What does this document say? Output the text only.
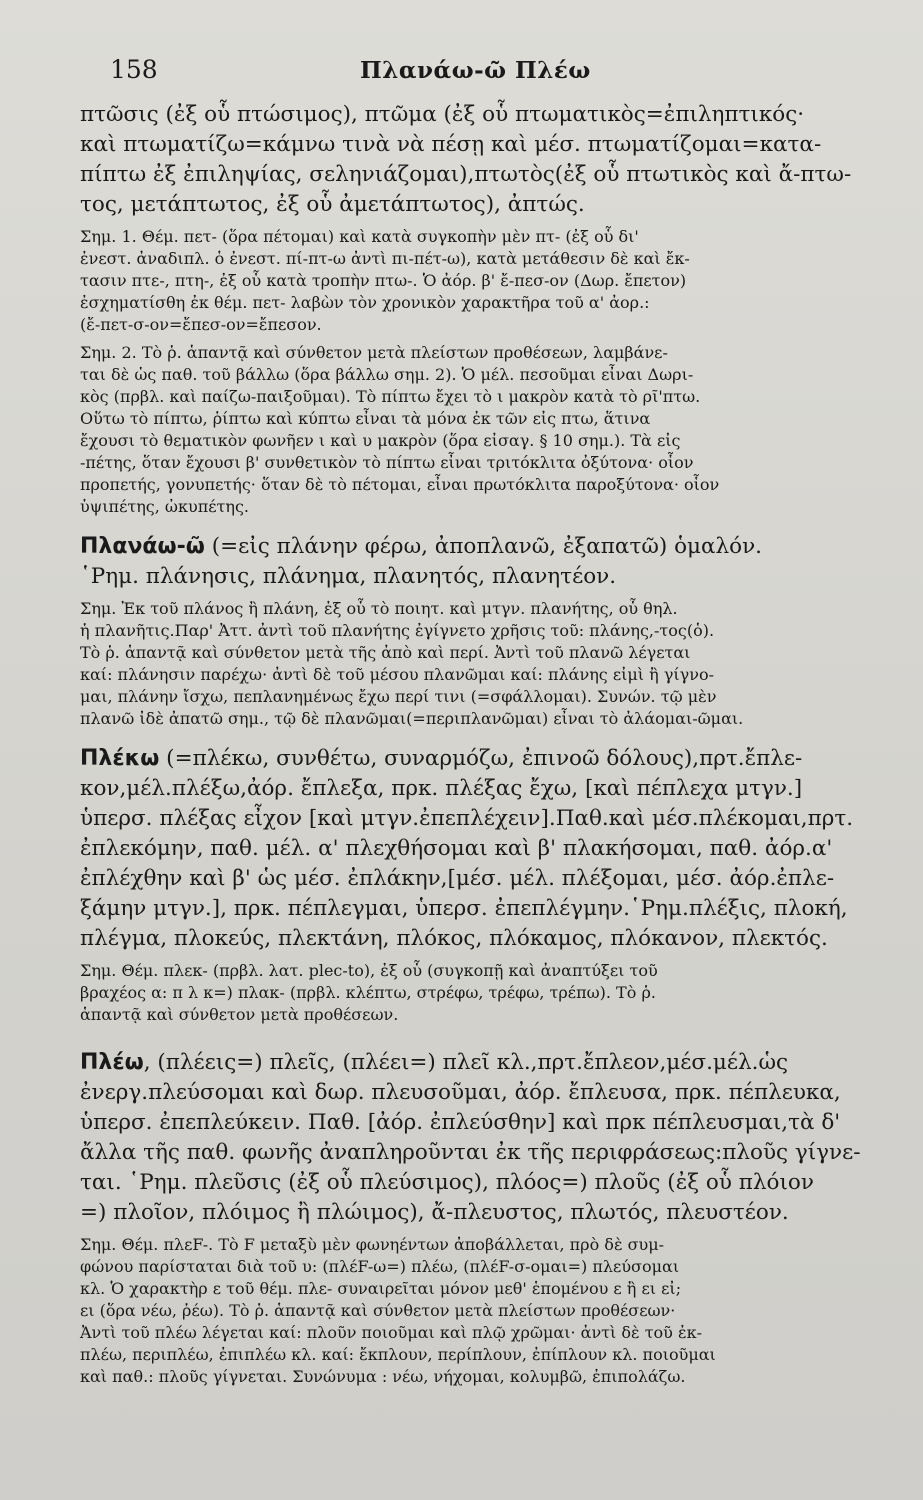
158	Πλανάω-ῶ Πλέω

πτῶσις (ἐξ οὗ πτώσιμος), πτῶμα (ἐξ οὗ πτωματικὸς=ἐπιληπτικός·

καὶ πτωματίζω=κάμνω τινὰ νὰ πέσῃ καὶ μέσ. πτωματίζομαι=κατα-

πίπτω ἐξ ἐπιληψίας, σεληνιάζομαι),πτωτὸς(ἐξ οὗ πτωτικὸς καὶ ἄ-πτω-

τος, μετάπτωτος, ἐξ οὗ ἀμετάπτωτος), ἀπτώς.

Σημ. 1. Θέμ. πετ- (ὅρα πέτομαι) καὶ κατὰ συγκοπὴν μὲν πτ- (ἐξ οὗ δι'

ἐνεστ. ἀναδιπλ. ὁ ἐνεστ. πί-πτ-ω ἀντὶ πι-πέτ-ω), κατὰ μετάθεσιν δὲ καὶ ἔκ-

τασιν πτε-, πτη-, ἐξ οὗ κατὰ τροπὴν πτω-. Ὁ ἀόρ. β' ἔ-πεσ-ον (Δωρ. ἔπετον)

ἐσχηματίσθη ἐκ θέμ. πετ- λαβὼν τὸν χρονικὸν χαρακτῆρα τοῦ α' ἀορ.:

(ἔ-πετ-σ-ον=ἔπεσ-ον=ἔπεσον.

Σημ. 2. Τὸ ῥ. ἁπαντᾷ καὶ σύνθετον μετὰ πλείστων προθέσεων, λαμβάνε-

ται δὲ ὡς παθ. τοῦ βάλλω (ὅρα βάλλω σημ. 2). Ὁ μέλ. πεσοῦμαι εἶναι Δωρι-

κὸς (πρβλ. καὶ παίζω-παιξοῦμαι). Τὸ πίπτω ἔχει τὸ ι μακρὸν κατὰ τὸ ρῖ'πτω.

Οὕτω τὸ πίπτω, ῥίπτω καὶ κύπτω εἶναι τὰ μόνα ἐκ τῶν εἰς πτω, ἅτινα

ἔχουσι τὸ θεματικὸν φωνῆεν ι καὶ υ μακρὸν (ὅρα εἰσαγ. § 10 σημ.). Τὰ εἰς

-πέτης, ὅταν ἔχουσι β' συνθετικὸν τὸ πίπτω εἶναι τριτόκλιτα ὀξύτονα· οἷον

προπετής, γονυπετής· ὅταν δὲ τὸ πέτομαι, εἶναι πρωτόκλιτα παροξύτονα· οἷον

ὑψιπέτης, ὠκυπέτης.

Πλανάω-ῶ (=εἰς πλάνην φέρω, ἀποπλανῶ, ἐξαπατῶ) ὁμαλόν.

῾Ρημ. πλάνησις, πλάνημα, πλανητός, πλανητέον.

Σημ. Ἐκ τοῦ πλάνος ἢ πλάνη, ἐξ οὗ τὸ ποιητ. καὶ μτγν. πλανήτης, οὗ θηλ.

ἡ πλανῆτις.Παρ' Ἀττ. ἀντὶ τοῦ πλανήτης ἐγίγνετο χρῆσις τοῦ: πλάνης,-τος(ὁ).

Τὸ ῥ. ἁπαντᾷ καὶ σύνθετον μετὰ τῆς ἀπὸ καὶ περί. Ἀντὶ τοῦ πλανῶ λέγεται

καί: πλάνησιν παρέχω· ἀντὶ δὲ τοῦ μέσου πλανῶμαι καί: πλάνης εἰμὶ ἢ γίγνο-

μαι, πλάνην ἴσχω, πεπλανημένως ἔχω περί τινι (=σφάλλομαι). Συνών. τῷ μὲν

πλανῶ ἰδὲ ἀπατῶ σημ., τῷ δὲ πλανῶμαι(=περιπλανῶμαι) εἶναι τὸ ἀλάομαι-ῶμαι.

Πλέκω (=πλέκω, συνθέτω, συναρμόζω, ἐπινοῶ δόλους),πρτ.ἔπλε-

κον,μέλ.πλέξω,ἀόρ. ἔπλεξα, πρκ. πλέξας ἔχω, [καὶ πέπλεχα μτγν.]

ὑπερσ. πλέξας εἶχον [καὶ μτγν.ἐπεπλέχειν].Παθ.καὶ μέσ.πλέκομαι,πρτ.

ἐπλεκόμην, παθ. μέλ. α' πλεχθήσομαι καὶ β' πλακήσομαι, παθ. ἀόρ.α'

ἐπλέχθην καὶ β' ὡς μέσ. ἐπλάκην,[μέσ. μέλ. πλέξομαι, μέσ. ἀόρ.ἐπλε-

ξάμην μτγν.], πρκ. πέπλεγμαι, ὑπερσ. ἐπεπλέγμην.῾Ρημ.πλέξις, πλοκή,

πλέγμα, πλοκεύς, πλεκτάνη, πλόκος, πλόκαμος, πλόκανον, πλεκτός.

Σημ. Θέμ. πλεκ- (πρβλ. λατ. plec-to), ἐξ οὗ (συγκοπῇ καὶ ἀναπτύξει τοῦ

βραχέος α: π λ κ=) πλακ- (πρβλ. κλέπτω, στρέφω, τρέφω, τρέπω). Τὸ ῥ.

ἁπαντᾷ καὶ σύνθετον μετὰ προθέσεων.

Πλέω, (πλέεις=) πλεῖς, (πλέει=) πλεῖ κλ.,πρτ.ἔπλεον,μέσ.μέλ.ὡς

ἐνεργ.πλεύσομαι καὶ δωρ. πλευσοῦμαι, ἀόρ. ἔπλευσα, πρκ. πέπλευκα,

ὑπερσ. ἐπεπλεύκειν. Παθ. [ἀόρ. ἐπλεύσθην] καὶ πρκ πέπλευσμαι,τὰ δ'

ἄλλα τῆς παθ. φωνῆς ἀναπληροῦνται ἐκ τῆς περιφράσεως:πλοῦς γίγνε-

ται. ῾Ρημ. πλεῦσις (ἐξ οὗ πλεύσιμος), πλόος=) πλοῦς (ἐξ οὗ πλόιον

=) πλοῖον, πλόιμος ἢ πλώιμος), ἄ-πλευστος, πλωτός, πλευστέον.

Σημ. Θέμ. πλεF-. Τὸ F μεταξὺ μὲν φωνηέντων ἀποβάλλεται, πρὸ δὲ συμ-

φώνου παρίσταται διὰ τοῦ υ: (πλέF-ω=) πλέω, (πλέF-σ-ομαι=) πλεύσομαι

κλ. Ὁ χαρακτὴρ ε τοῦ θέμ. πλε- συναιρεῖται μόνον μεθ' ἑπομένου ε ἢ ει εἰ;

ει (ὅρα νέω, ῥέω). Τὸ ῥ. ἁπαντᾷ καὶ σύνθετον μετὰ πλείστων προθέσεων·

Ἀντὶ τοῦ πλέω λέγεται καί: πλοῦν ποιοῦμαι καὶ πλῷ χρῶμαι· ἀντὶ δὲ τοῦ ἐκ-

πλέω, περιπλέω, ἐπιπλέω κλ. καί: ἔκπλουν, περίπλουν, ἐπίπλουν κλ. ποιοῦμαι

καὶ παθ.: πλοῦς γίγνεται. Συνώνυμα : νέω, νήχομαι, κολυμβῶ, ἐπιπολάζω.
